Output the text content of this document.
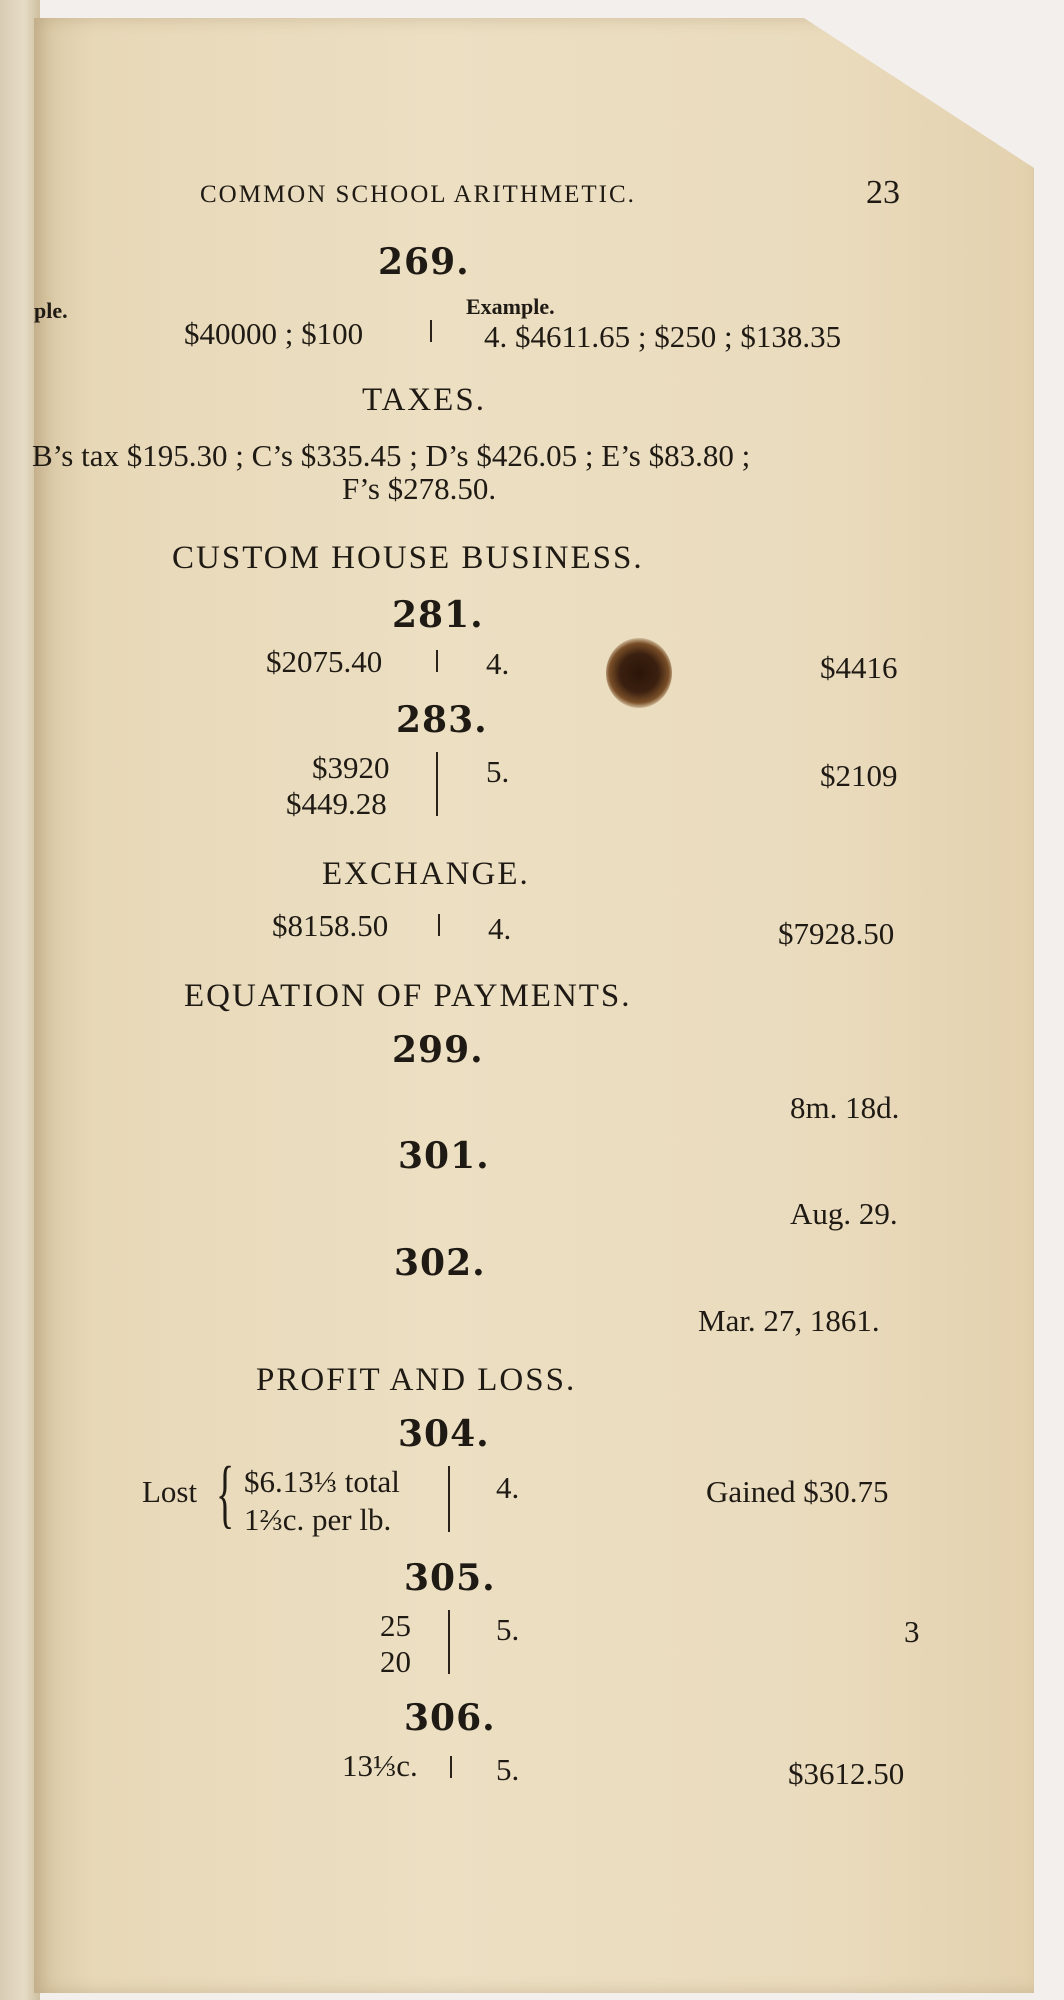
ple.
COMMON SCHOOL ARITHMETIC.	23
269.
Example.
$40000 ; $100	4. $4611.65 ; $250 ; $138.35
TAXES.
B’s tax $195.30 ; C’s $335.45 ; D’s $426.05 ; E’s $83.80 ;
F’s $278.50.
CUSTOM HOUSE BUSINESS.
281.
$2075.40	4.	$4416
283.
$3920
$449.28
5.	$2109
EXCHANGE.
$8158.50	4.	$7928.50
EQUATION OF PAYMENTS.
299.
8m. 18d.
301.
Aug. 29.
302.
Mar. 27, 1861.
PROFIT AND LOSS.
304.
Lost { $6.13⅓ total
1⅔c. per lb.
4.	Gained $30.75
305.
25
20
5.	3
306.
13⅓c.	5.	$3612.50
